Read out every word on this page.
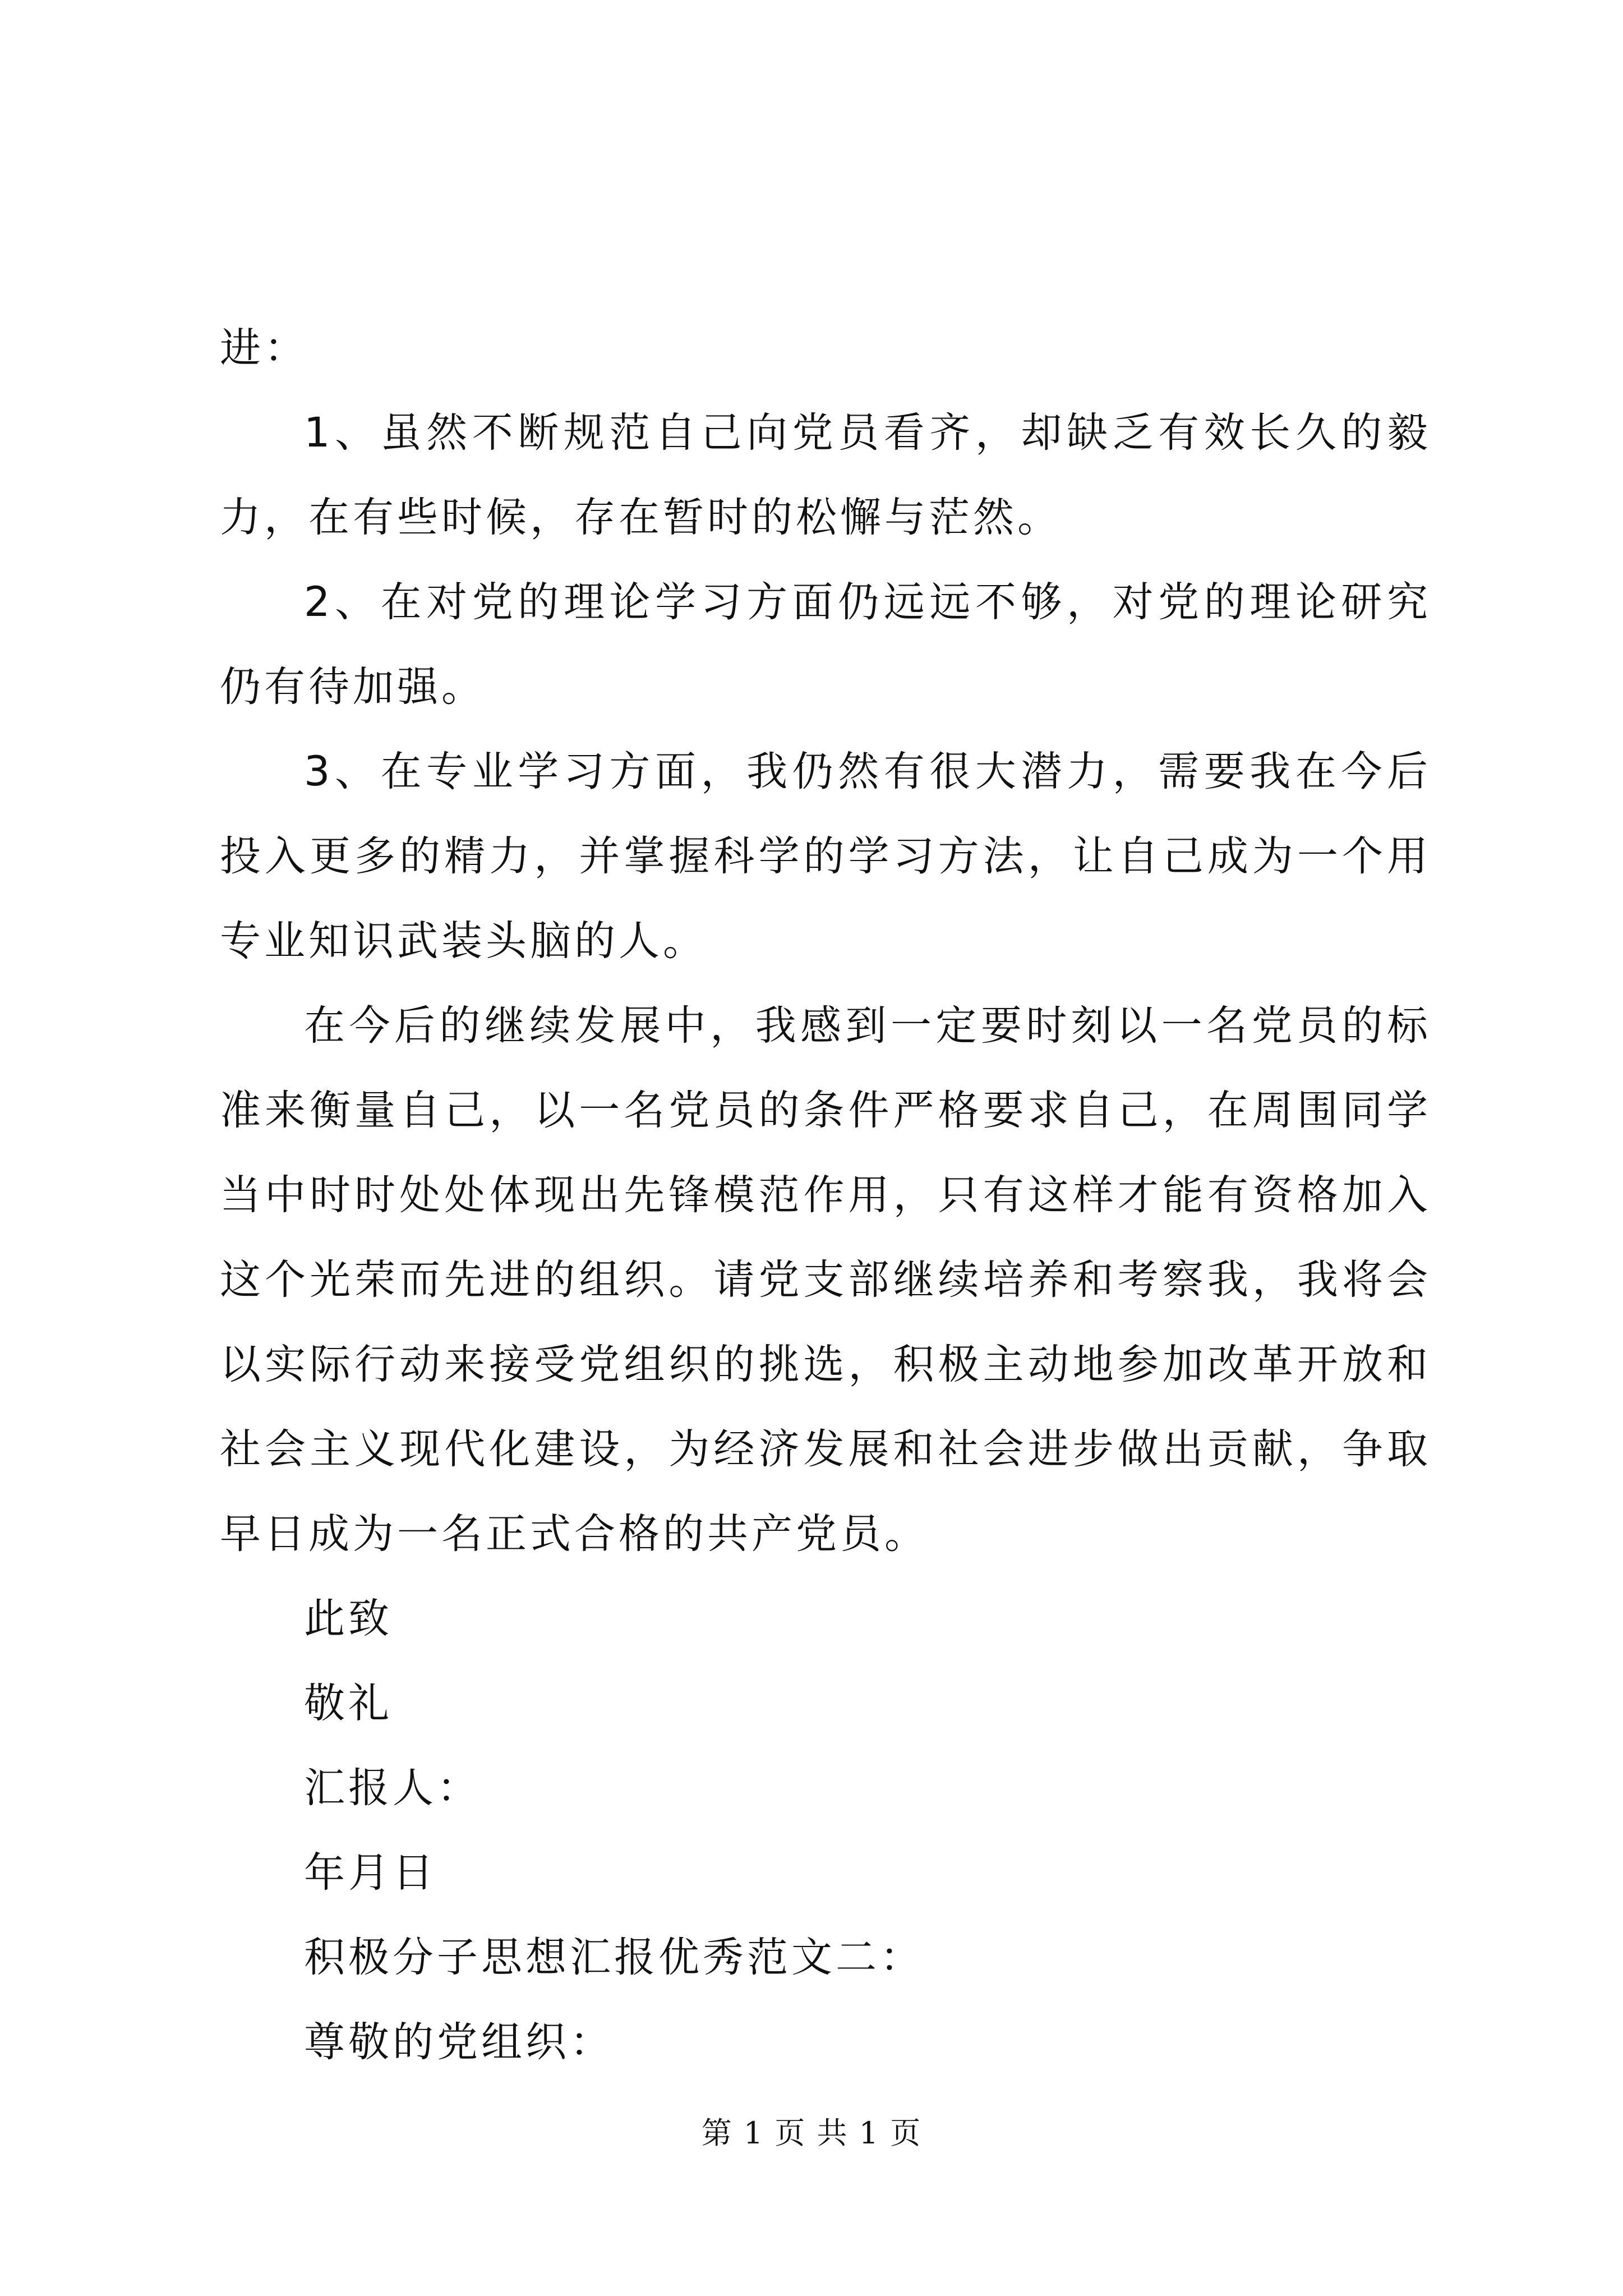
进：

1、虽然不断规范自己向党员看齐，却缺乏有效长久的毅力，在有些时候，存在暂时的松懈与茫然。

2、在对党的理论学习方面仍远远不够，对党的理论研究仍有待加强。

3、在专业学习方面，我仍然有很大潜力，需要我在今后投入更多的精力，并掌握科学的学习方法，让自己成为一个用专业知识武装头脑的人。

在今后的继续发展中，我感到一定要时刻以一名党员的标准来衡量自己，以一名党员的条件严格要求自己，在周围同学当中时时处处体现出先锋模范作用，只有这样才能有资格加入这个光荣而先进的组织。请党支部继续培养和考察我，我将会以实际行动来接受党组织的挑选，积极主动地参加改革开放和社会主义现代化建设，为经济发展和社会进步做出贡献，争取早日成为一名正式合格的共产党员。

此致
敬礼
汇报人：
年月日
积极分子思想汇报优秀范文二：
尊敬的党组织：
第 1 页 共 1 页
